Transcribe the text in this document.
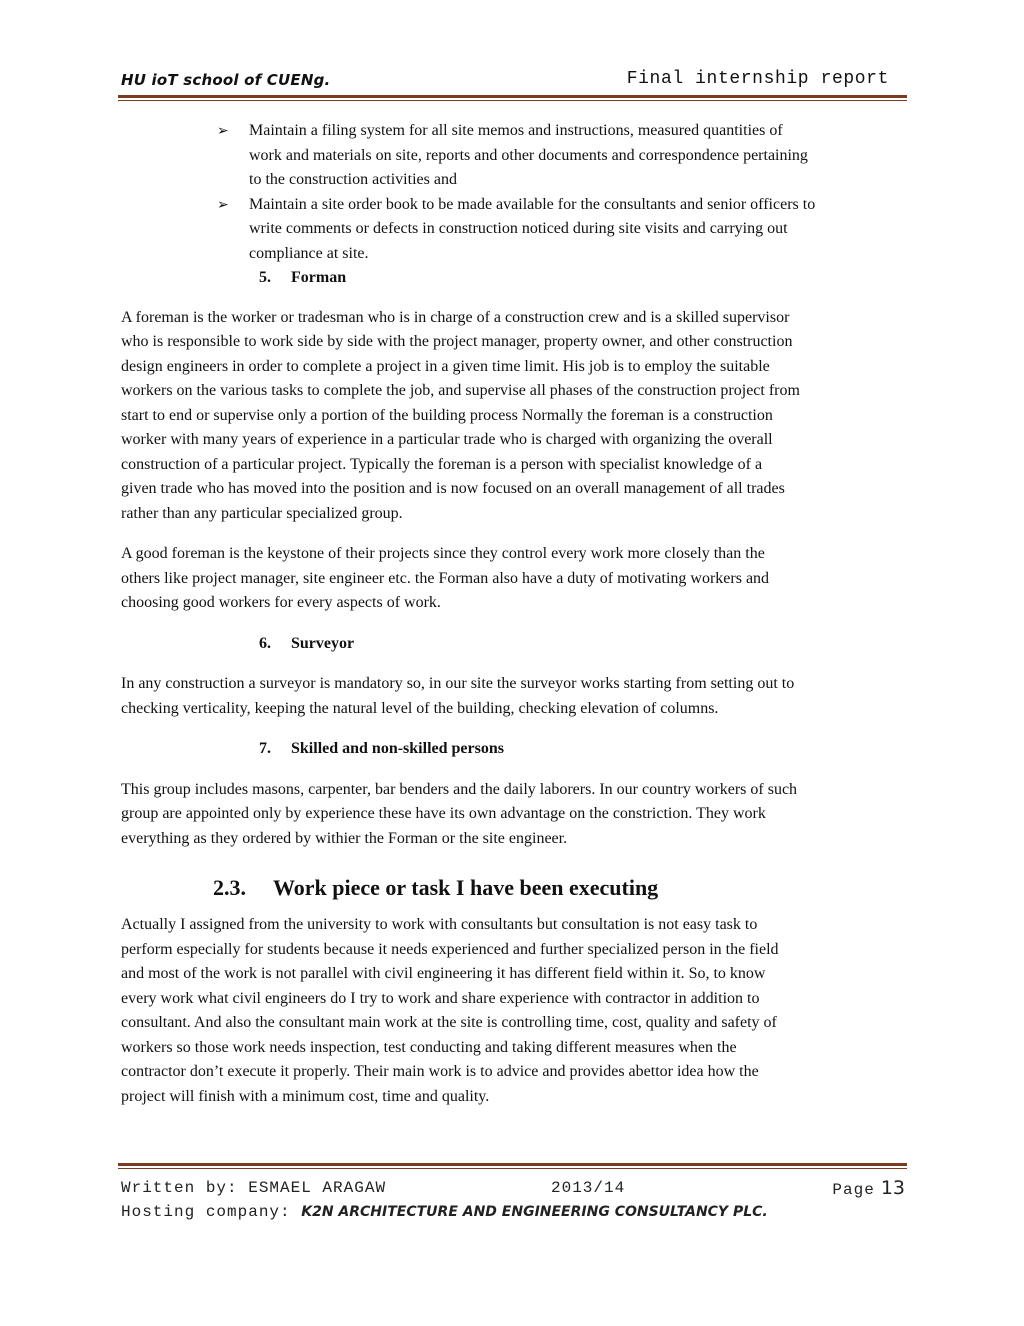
HU ioT school of CUENg.	Final internship report
➢ Maintain a filing system for all site memos and instructions, measured quantities of
work and materials on site, reports and other documents and correspondence pertaining
to the construction activities and
➢ Maintain a site order book to be made available for the consultants and senior officers to
write comments or defects in construction noticed during site visits and carrying out
compliance at site.

5. Forman

A foreman is the worker or tradesman who is in charge of a construction crew and is a skilled supervisor
who is responsible to work side by side with the project manager, property owner, and other construction
design engineers in order to complete a project in a given time limit. His job is to employ the suitable
workers on the various tasks to complete the job, and supervise all phases of the construction project from
start to end or supervise only a portion of the building process Normally the foreman is a construction
worker with many years of experience in a particular trade who is charged with organizing the overall
construction of a particular project. Typically the foreman is a person with specialist knowledge of a
given trade who has moved into the position and is now focused on an overall management of all trades
rather than any particular specialized group.

A good foreman is the keystone of their projects since they control every work more closely than the
others like project manager, site engineer etc. the Forman also have a duty of motivating workers and
choosing good workers for every aspects of work.

6. Surveyor

In any construction a surveyor is mandatory so, in our site the surveyor works starting from setting out to
checking verticality, keeping the natural level of the building, checking elevation of columns.

7. Skilled and non-skilled persons

This group includes masons, carpenter, bar benders and the daily laborers. In our country workers of such
group are appointed only by experience these have its own advantage on the constriction. They work
everything as they ordered by withier the Forman or the site engineer.

2.3. Work piece or task I have been executing

Actually I assigned from the university to work with consultants but consultation is not easy task to
perform especially for students because it needs experienced and further specialized person in the field
and most of the work is not parallel with civil engineering it has different field within it. So, to know
every work what civil engineers do I try to work and share experience with contractor in addition to
consultant. And also the consultant main work at the site is controlling time, cost, quality and safety of
workers so those work needs inspection, test conducting and taking different measures when the
contractor don’t execute it properly. Their main work is to advice and provides abettor idea how the
project will finish with a minimum cost, time and quality.

Written by: ESMAEL ARAGAW	2013/14	Page 13
Hosting company: K2N ARCHITECTURE AND ENGINEERING CONSULTANCY PLC.
